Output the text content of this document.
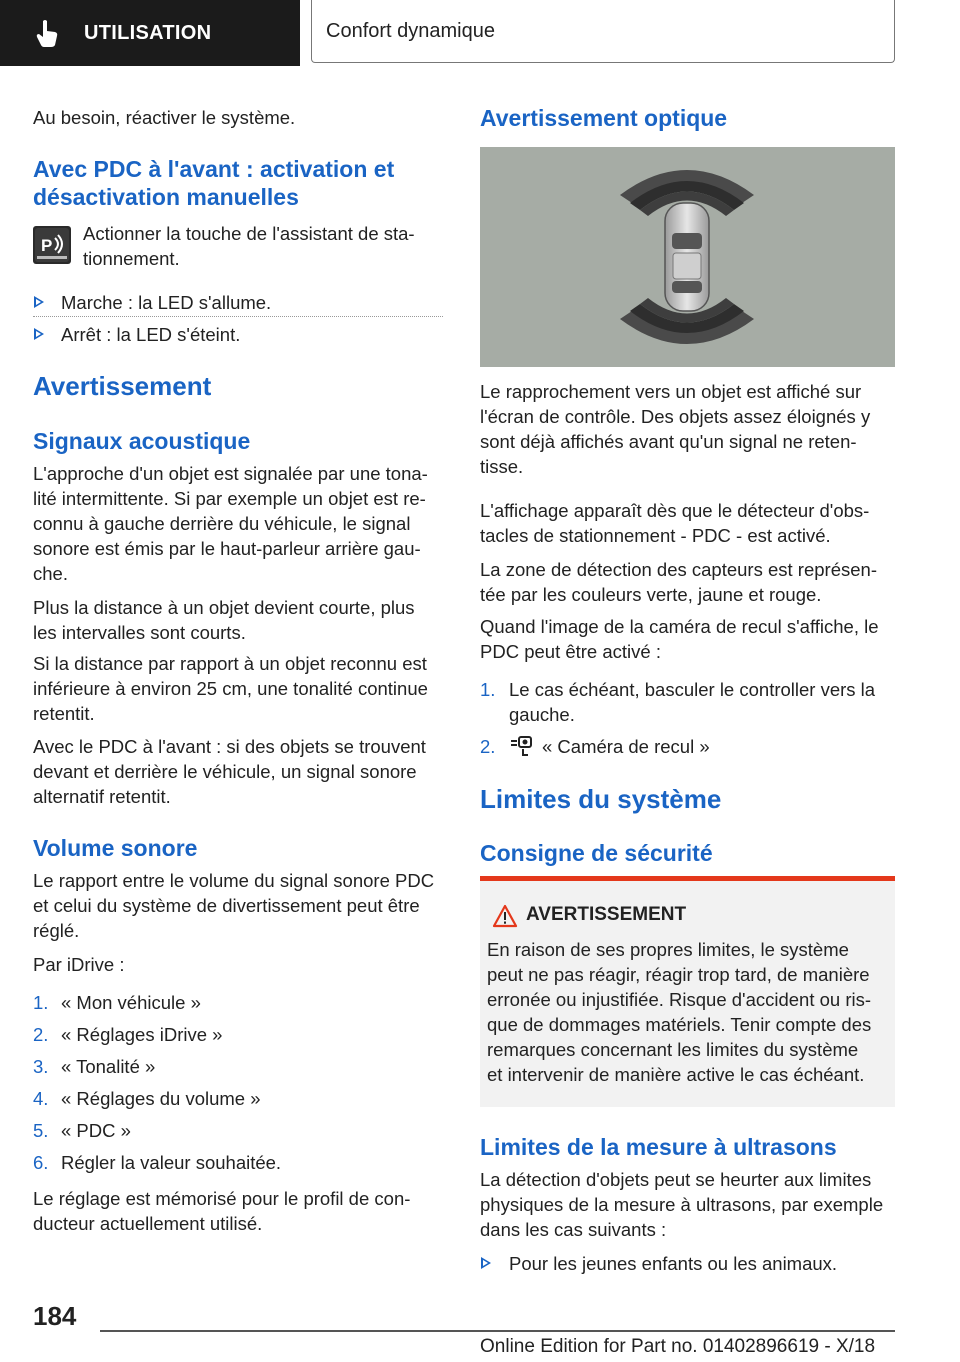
UTILISATION	Confort dynamique

Au besoin, réactiver le système.

Avec PDC à l'avant : activation et
désactivation manuelles
P
Actionner la touche de l'assistant de sta-
tionnement.
Marche : la LED s'allume.
Arrêt : la LED s'éteint.
Avertissement
Signaux acoustique
L'approche d'un objet est signalée par une tona-
lité intermittente. Si par exemple un objet est re-
connu à gauche derrière du véhicule, le signal
sonore est émis par le haut-parleur arrière gau-
che.
Plus la distance à un objet devient courte, plus
les intervalles sont courts.
Si la distance par rapport à un objet reconnu est
inférieure à environ 25 cm, une tonalité continue
retentit.
Avec le PDC à l'avant : si des objets se trouvent
devant et derrière le véhicule, un signal sonore
alternatif retentit.
Volume sonore
Le rapport entre le volume du signal sonore PDC
et celui du système de divertissement peut être
réglé.

Par iDrive :

1. « Mon véhicule »
2. « Réglages iDrive »
3. « Tonalité »
4. « Réglages du volume »
5. « PDC »
6. Régler la valeur souhaitée.
Le réglage est mémorisé pour le profil de con-
ducteur actuellement utilisé.
Avertissement optique
Le rapprochement vers un objet est affiché sur
l'écran de contrôle. Des objets assez éloignés y
sont déjà affichés avant qu'un signal ne reten-
tisse.
L'affichage apparaît dès que le détecteur d'obs-
tacles de stationnement - PDC - est activé.
La zone de détection des capteurs est représen-
tée par les couleurs verte, jaune et rouge.
Quand l'image de la caméra de recul s'affiche, le
PDC peut être activé :
1. Le cas échéant, basculer le controller vers la
gauche.
2.	« Caméra de recul »
Limites du système
Consigne de sécurité
AVERTISSEMENT
En raison de ses propres limites, le système
peut ne pas réagir, réagir trop tard, de manière
erronée ou injustifiée. Risque d'accident ou ris-
que de dommages matériels. Tenir compte des
remarques concernant les limites du système
et intervenir de manière active le cas échéant.
Limites de la mesure à ultrasons
La détection d'objets peut se heurter aux limites
physiques de la mesure à ultrasons, par exemple
dans les cas suivants :
Pour les jeunes enfants ou les animaux.
184
Online Edition for Part no. 01402896619 - X/18
